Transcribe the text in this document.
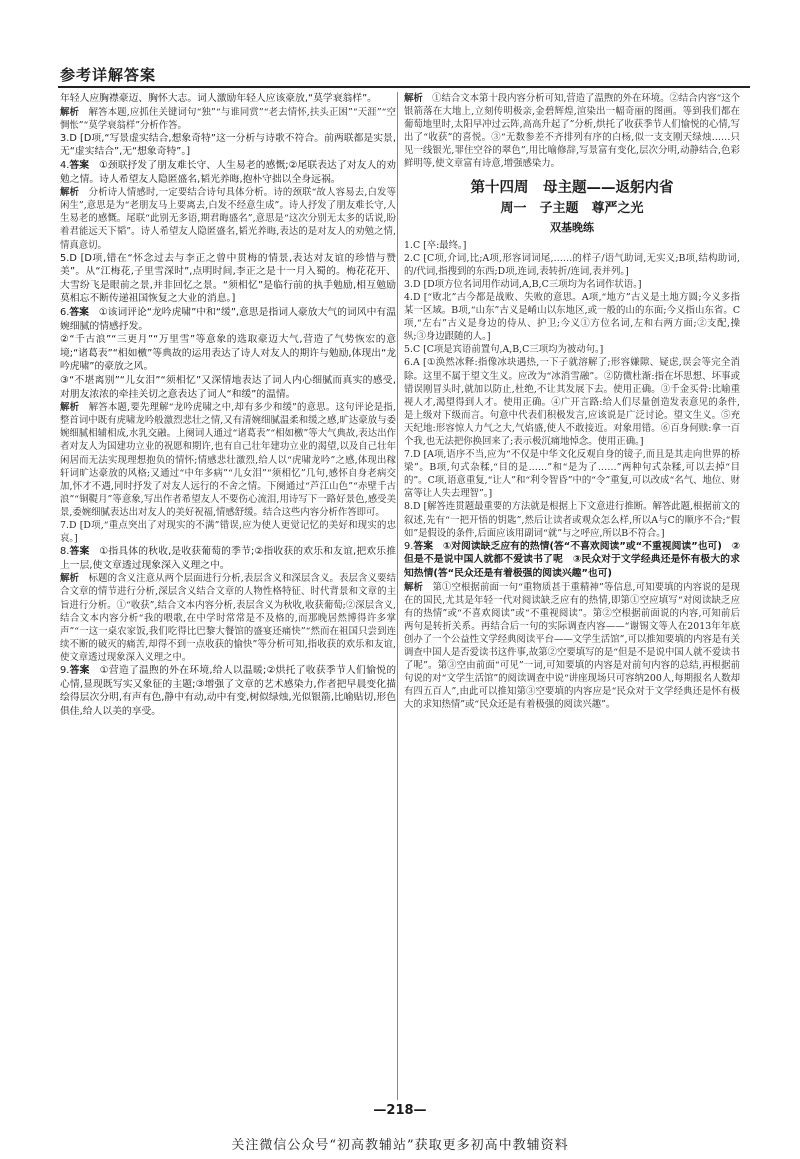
参考详解答案

年轻人应胸襟豪迈、胸怀大志。词人激励年轻人应该豪放,“莫学衰翁样”。

解析　 解答本题,应抓住关键词句“独”“与谁同赏”“老去情怀,扶头正困”“天涯”“空惆怅”“莫学衰翁样”分析作答。

3.D [D项,“写景虚实结合,想象奇特”这一分析与诗歌不符合。前两联都是实景,无“虚实结合”,无“想象奇特”。]

4.答案　 ①颈联抒发了朋友难长守、人生易老的感慨;②尾联表达了对友人的劝勉之情。诗人希望友人隐匿盛名,韬光养晦,抱朴守拙以全身远祸。

解析　 分析诗人情感时,一定要结合诗句具体分析。诗的颈联“故人容易去,白发等闲生”,意思是为“老朋友马上要离去,白发不经意生成”。诗人抒发了朋友难长守,人生易老的感慨。尾联“此别无多语,期君晦盛名”,意思是“这次分别无太多的话说,盼着君能远天下韬”。诗人希望友人隐匿盛名,韬光养晦,表达的是对友人的劝勉之情,情真意切。

5.D [D项,错在“怀念过去与李正之曾中贯梅的情景,表达对友谊的珍惜与赞美”。从“江梅花,子里雪深时”,点明时间,李正之是十一月入蜀的。梅花花开、大雪纷飞是眼前之景,并非回忆之景。“须相忆”是临行前的执手勉励,相互勉励莫相忘不断传递祖国恢复之大业的消息。]

6.答案　 ①该词评论“龙吟虎啸”中和“缓”,意思是指词人豪放大气的词风中有温婉细腻的情感抒发。

②“千古浪”“三更月”“万里雪”等意象的选取豪迈大气,营造了气势恢宏的意境;“诸葛表”“相如檄”等典故的运用表达了诗人对友人的期许与勉励,体现出“龙吟虎啸”的豪放之风。

③“不堪离别”“儿女泪”“须相忆”又深情地表达了词人内心细腻而真实的感受,对朋友浓浓的牵挂关切之意表达了词人“和缓”的温情。

解析　 解答本题,要先理解“龙吟虎啸之中,却有多少和缓”的意思。这句评论是指,整首词中既有虎啸龙吟般激烈悲壮之情,又有清婉细腻温柔和缓之感,旷达豪放与委婉细腻相辅相成,水乳交融。上阕词人通过“诸葛表”“相如檄”等大气典故,表达出作者对友人为国建功立业的祝愿和期许,也有自己壮年建功立业的渴望,以及自己壮年闲居而无法实现理想抱负的情怀;情感悲壮激烈,给人以“虎啸龙吟”之感,体现出稼轩词旷达豪放的风格;又通过“中年多病”“儿女泪”“须相忆”几句,感怀自身老病交加,怀才不遇,同时抒发了对友人远行的不舍之情。下阕通过“芦江山色”“赤壁千古浪”“铜鞮月”等意象,写出作者希望友人不要伤心流泪,用诗写下一路好景色,感受美景,委婉细腻表达出对友人的美好祝福,情感舒缓。结合这些内容分析作答即可。

7.D [D项,“重点突出了对现实的不满”错误,应为使人更觉记忆的美好和现实的忠哀。]

8.答案　 ①指具体的秋收,是收获葡萄的季节;②指收获的欢乐和友谊,把欢乐推上一层,使文章透过现象深入义理之中。

解析　 标题的含义注意从两个层面进行分析,表层含义和深层含义。表层含义要结合文章的情节进行分析,深层含义结合文章的人物性格特征、时代背景和文章的主旨进行分析。①“收获”,结合文本内容分析,表层含义为秋收,收获葡萄;②深层含义,结合文本内容分析“我的喂歌,在中学时常常是不及格的,而那晚居然博得许多掌声”“一这一桌农家饭,我们吃得比巴黎大餐馆的盛宴还痛快”“然而在祖国只尝到连续不断的破灭的痛苦,却得不到一点收获的愉快”等分析可知,指收获的欢乐和友谊,使文章透过现象深入义理之中。

9.答案　 ①营造了温煦的外在环境,给人以温暖;②烘托了收获季节人们愉悦的心情,显现既写实又象征的主题;③增强了文章的艺术感染力,作者把早晨变化描绘得层次分明,有声有色,静中有动,动中有变,树似绿烛,光似银箭,比喻贴切,形色俱佳,给人以美的享受。

解析　 ①结合文本第十段内容分析可知,营造了温煦的外在环境。②结合内容“这个银箭落在大地上,立刻传明极亲,金碧辉煌,渲染出一幅奇丽的图画。等到我们都在葡萄地里时,太阳早冲过云阵,高高升起了”分析,烘托了收获季节人们愉悦的心情,写出了“收获”的喜悦。③“无数参差不齐排列有序的白杨,似一支支刚天绿烛……只见一线银光,罪住空谷的翠色”,用比喻修辞,写景富有变化,层次分明,动静结合,色彩鲜明等,使文章富有诗意,增强感染力。

第十四周　母主题——返躬内省
周一　子主题　尊严之光
双基晚练

1.C [卒:最终。]

2.C [C项,介词,比;A项,形容词词尾,……的样子/语气助词,无实义;B项,结构助词,的/代词,指搜到的东西;D项,连词,表转折/连词,表并列。]

3.D [D项方位名词用作动词,A,B,C三项均为名词作状语。]

4.D [“败北”古今都是战败、失败的意思。A项,“地方”古义是土地方圆;今义多指某一区域。B项,“山东”古义是崤山以东地区,或一般的山的东面;今义指山东省。C项,“左右”古义是身边的侍从、护卫;今义①方位名词,左和右两方面;②支配,操纵;③身边跟随的人。]

5.C [C项是宾语前置句,A,B,C三项均为被动句。]

6.A [①涣然冰释:指像冰块遇热,一下子就溶解了;形容嫌隙、疑虑,误会等完全消除。这里不属于望文生义。应改为“冰消雪融”。②防微杜渐:指在坏思想、坏事或错误刚冒头时,就加以防止,杜绝,不让其发展下去。使用正确。③千金买骨:比喻重视人才,渴望得到人才。使用正确。④广开言路:给人们尽量创造发表意见的条件,是上级对下级而言。句意中代表们积极发言,应该说是广泛讨论。望文生义。⑤充天纪地:形容惊人力气之大,气焰盛,使人不敢接近。对象用错。⑥百身何赎:拿一百个我,也无法把你换回来了;表示极沉痛地悼念。使用正确。]

7.D [A项,语序不当,应为“不仅是中华文化反观自身的镜子,而且是其走向世界的桥梁”。B项,句式杂糅,“目的是……”和“是为了……”两种句式杂糅,可以去掉“目的”。C项,语意重复,“让人”和“利令智昏”中的“令”重复,可以改成“名气、地位、财富等让人失去理智”。]

8.D [解答连贯题最重要的方法就是根据上下文意进行推断。解答此题,根据前文的叙述,先有“一把开悟的钥匙”,然后让读者或观众怎么样,所以A与C的顺序不合;“假如”是假设的条件,后面应该用副词“就”与之呼应,所以B不符合。]

9.答案　 ①对阅读缺乏应有的热情(答“不喜欢阅读”或“不重视阅读”也可)　②但是不是说中国人就都不爱读书了呢　③民众对于文学经典还是怀有极大的求知热情(答“民众还是有着极强的阅读兴趣”也可)

解析　 第①空根据前面一句“重物质甚于重精神”等信息,可知要填的内容说的是现在的国民,尤其是年轻一代对阅读缺乏应有的热情,即第①空应填写“对阅读缺乏应有的热情”或“不喜欢阅读”或“不重视阅读”。第②空根据前面说的内容,可知前后两句是转折关系。再结合后一句的实际调查内容——“谢锡文等人在2013年年底创办了一个公益性文学经典阅读平台——文学生活馆”,可以推知要填的内容是有关调查中国人是否爱读书这件事,故第②空要填写的是“但是不是说中国人就不爱读书了呢”。第③空由前面“可见”一词,可知要填的内容是对前句内容的总结,再根据前句说的对“文学生活馆”的阅读调查中说“讲座现场只可容纳200人,每期报名人数却有四五百人”,由此可以推知第③空要填的内容应是“民众对于文学经典还是怀有极大的求知热情”或“民众还是有着极强的阅读兴趣”。

—218—
关注微信公众号“初高教辅站”获取更多初高中教辅资料
